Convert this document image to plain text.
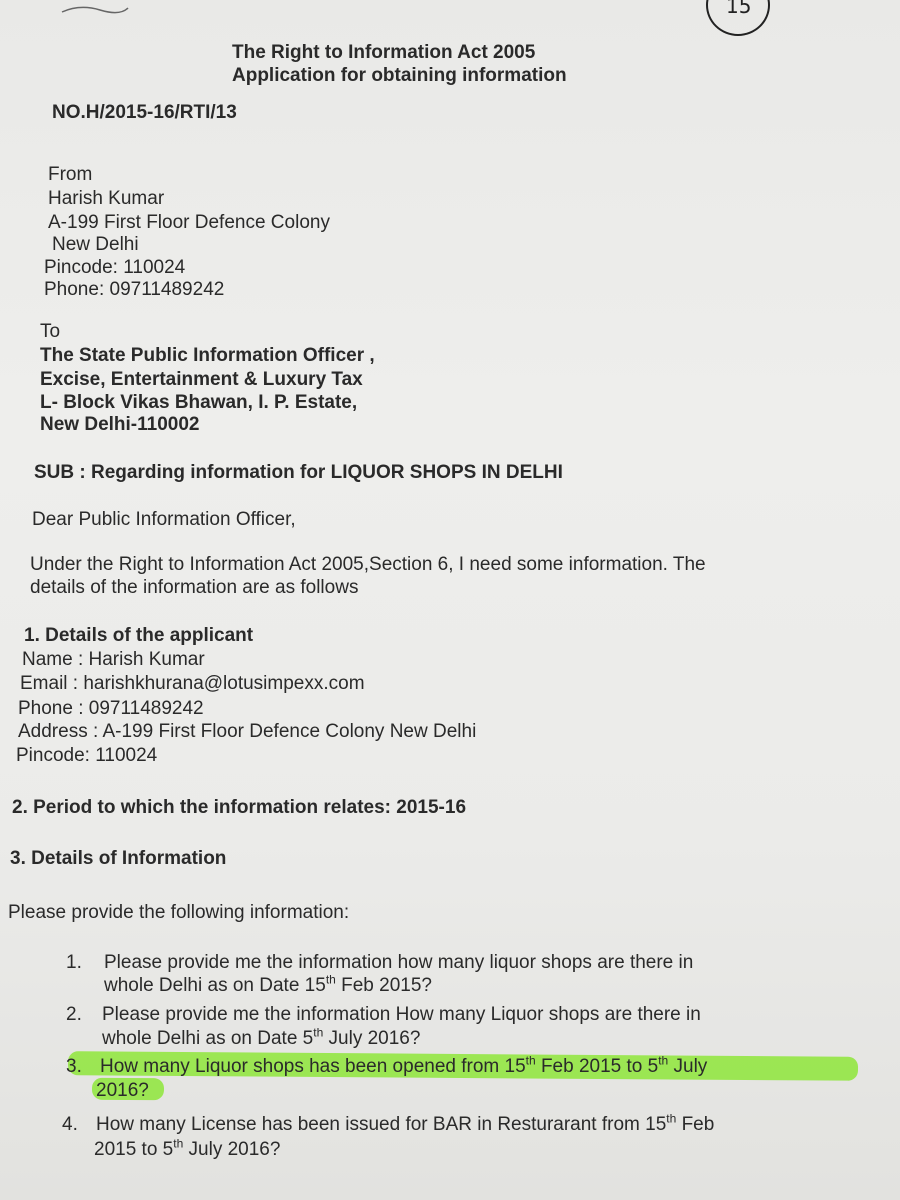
15
The Right to Information Act 2005
Application for obtaining information
NO.H/2015-16/RTI/13
From
Harish Kumar
A-199 First Floor Defence Colony
New Delhi
Pincode: 110024
Phone: 09711489242
To
The State Public Information Officer ,
Excise, Entertainment & Luxury Tax
L- Block Vikas Bhawan, I. P. Estate,
New Delhi-110002
SUB : Regarding information for LIQUOR SHOPS IN DELHI
Dear Public Information Officer,
Under the Right to Information Act 2005,Section 6, I need some information. The
details of the information are as follows
1. Details of the applicant
Name : Harish Kumar
Email : harishkhurana@lotusimpexx.com
Phone : 09711489242
Address : A-199 First Floor Defence Colony New Delhi
Pincode: 110024
2. Period to which the information relates: 2015-16
3. Details of Information
Please provide the following information:
1. Please provide me the information how many liquor shops are there in
whole Delhi as on Date 15th Feb 2015?
2. Please provide me the information How many Liquor shops are there in
whole Delhi as on Date 5th July 2016?
3. How many Liquor shops has been opened from 15th Feb 2015 to 5th July
2016?
4. How many License has been issued for BAR in Resturarant from 15th Feb
2015 to 5th July 2016?
